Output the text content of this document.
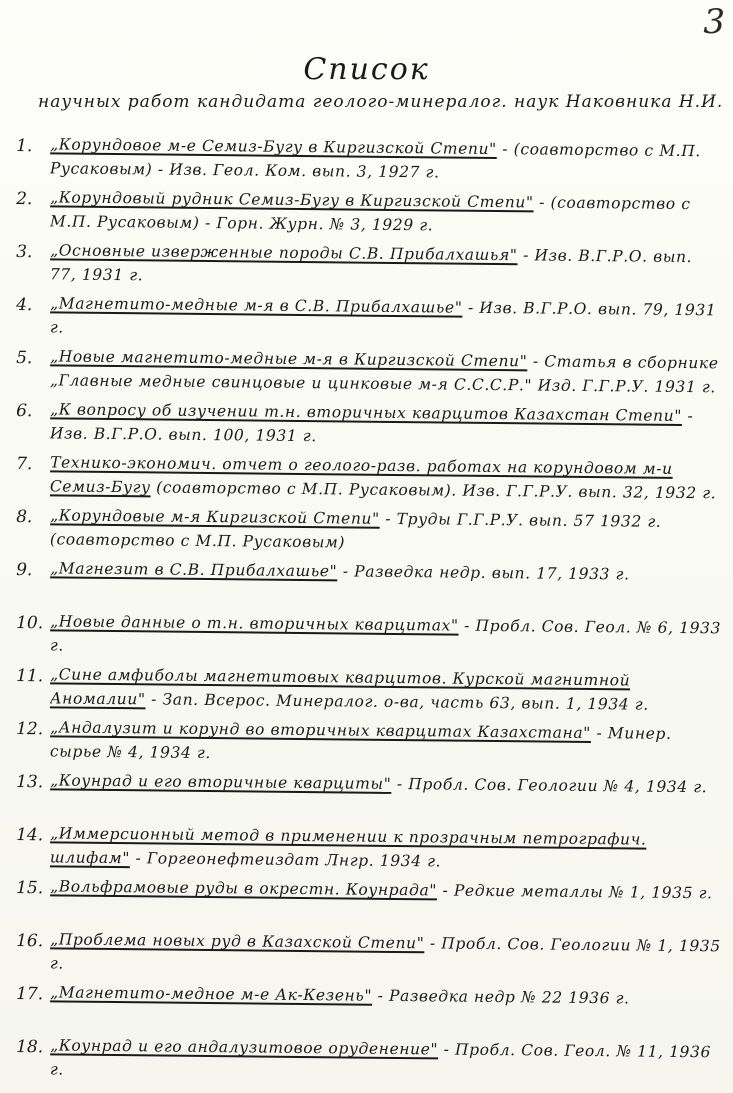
3
Список
научных работ кандидата геолого-минералог. наук Наковника Н.И.
1.	„Корундовое м-е Семиз-Бугу в Киргизской Степи" - (соавторство с М.П. Русаковым) - Изв. Геол. Ком. вып. 3, 1927 г.
2.	„Корундовый рудник Семиз-Бугу в Киргизской Степи" - (соавторство с М.П. Русаковым) - Горн. Журн. № 3, 1929 г.
3.	„Основные изверженные породы С.В. Прибалхашья" - Изв. В.Г.Р.О. вып. 77, 1931 г.
4.	„Магнетито-медные м-я в С.В. Прибалхашье" - Изв. В.Г.Р.О. вып. 79, 1931 г.
5.	„Новые магнетито-медные м-я в Киргизской Степи" - Статья в сборнике „Главные медные свинцовые и цинковые м-я С.С.С.Р." Изд. Г.Г.Р.У. 1931 г.
6.	„К вопросу об изучении т.н. вторичных кварцитов Казахстан Степи" - Изв. В.Г.Р.О. вып. 100, 1931 г.
7.	Технико-экономич. отчет о геолого-разв. работах на корундовом м-и Семиз-Бугу (соавторство с М.П. Русаковым). Изв. Г.Г.Р.У. вып. 32, 1932 г.
8.	„Корундовые м-я Киргизской Степи" - Труды Г.Г.Р.У. вып. 57 1932 г. (соавторство с М.П. Русаковым)
9.	„Магнезит в С.В. Прибалхашье" - Разведка недр. вып. 17, 1933 г.
10. „Новые данные о т.н. вторичных кварцитах" - Пробл. Сов. Геол. № 6, 1933 г.
11. „Сине амфиболы магнетитовых кварцитов. Курской магнитной Аномалии" - Зап. Всерос. Минералог. о-ва, часть 63, вып. 1, 1934 г.
12. „Андалузит и корунд во вторичных кварцитах Казахстана" - Минер. сырье № 4, 1934 г.
13. „Коунрад и его вторичные кварциты" - Пробл. Сов. Геологии № 4, 1934 г.
14. „Иммерсионный метод в применении к прозрачным петрографич. шлифам" - Горгеонефтеиздат Лнгр. 1934 г.
15. „Вольфрамовые руды в окрестн. Коунрада" - Редкие металлы № 1, 1935 г.
16. „Проблема новых руд в Казахской Степи" - Пробл. Сов. Геологии № 1, 1935 г.
17. „Магнетито-медное м-е Ак-Кезень" - Разведка недр № 22 1936 г.
18. „Коунрад и его андалузитовое оруденение" - Пробл. Сов. Геол. № 11, 1936 г.
